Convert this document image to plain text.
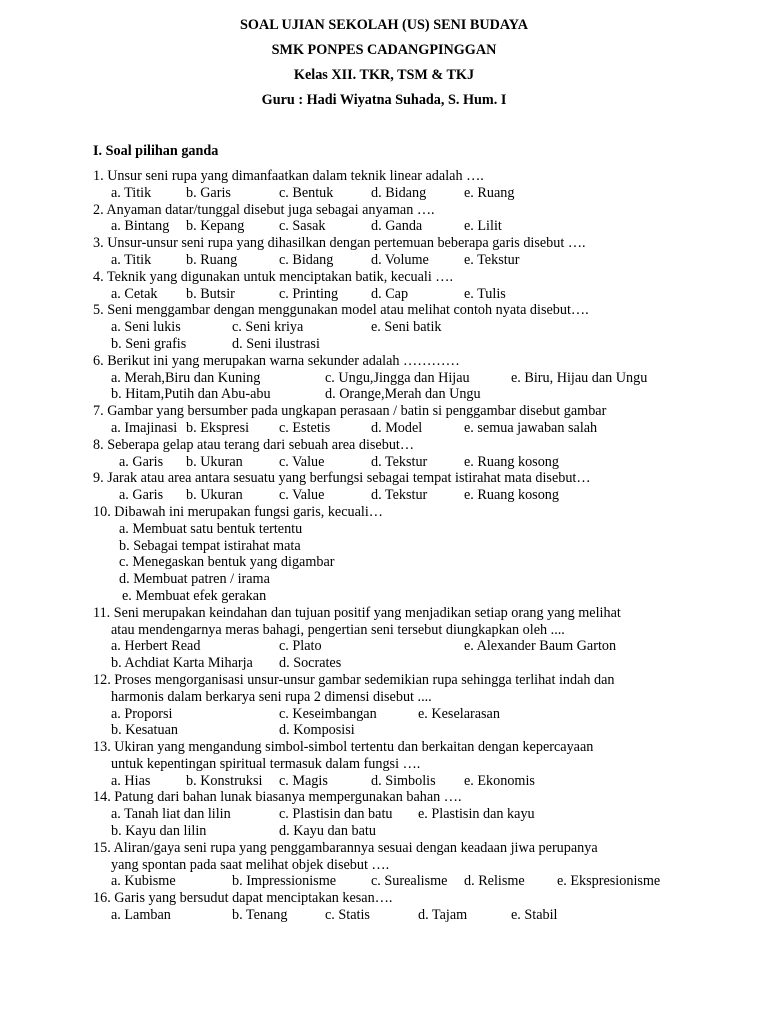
SOAL UJIAN SEKOLAH (US) SENI BUDAYA
SMK PONPES CADANGPINGGAN
Kelas XII. TKR, TSM & TKJ
Guru : Hadi Wiyatna Suhada, S. Hum. I
I. Soal pilihan ganda
1. Unsur seni rupa yang dimanfaatkan dalam teknik linear adalah ….
a. Titik b. Garis	c. Bentuk	d. Bidang	e. Ruang
2. Anyaman datar/tunggal disebut juga sebagai anyaman ….
a. Bintang b. Kepang c. Sasak	d. Ganda	e. Lilit
3. Unsur-unsur seni rupa yang dihasilkan dengan pertemuan beberapa garis disebut ….
a. Titik b. Ruang	c. Bidang	d. Volume e. Tekstur
4. Teknik yang digunakan untuk menciptakan batik, kecuali ….
a. Cetak b. Butsir	c. Printing d. Cap	e. Tulis
5. Seni menggambar dengan menggunakan model atau melihat contoh nyata disebut….
a. Seni lukis	c. Seni kriya	e. Seni batik
b. Seni grafis	d. Seni ilustrasi
6. Berikut ini yang merupakan warna sekunder adalah …………
a. Merah,Biru dan Kuning	c. Ungu,Jingga dan Hijau	e. Biru, Hijau dan Ungu
b. Hitam,Putih dan Abu-abu	d. Orange,Merah dan Ungu
7. Gambar yang bersumber pada ungkapan perasaan / batin si penggambar disebut gambar
a. Imajinasi b. Ekspresi c. Estetis	d. Model	e. semua jawaban salah
8. Seberapa gelap atau terang dari sebuah area disebut…
a. Garis b. Ukuran	c. Value	d. Tekstur	e. Ruang kosong
9. Jarak atau area antara sesuatu yang berfungsi sebagai tempat istirahat mata disebut…
a. Garis b. Ukuran	c. Value	d. Tekstur	e. Ruang kosong
10. Dibawah ini merupakan fungsi garis, kecuali…
a. Membuat satu bentuk tertentu
b. Sebagai tempat istirahat mata
c. Menegaskan bentuk yang digambar
d. Membuat patren / irama
e. Membuat efek gerakan
11. Seni merupakan keindahan dan tujuan positif yang menjadikan setiap orang yang melihat
atau mendengarnya meras bahagi, pengertian seni tersebut diungkapkan oleh ....
a. Herbert Read	c. Plato	e. Alexander Baum Garton
b. Achdiat Karta Miharja d. Socrates
12. Proses mengorganisasi unsur-unsur gambar sedemikian rupa sehingga terlihat indah dan
harmonis dalam berkarya seni rupa 2 dimensi disebut ....
a. Proporsi	c. Keseimbangan	e. Keselarasan
b. Kesatuan	d. Komposisi
13. Ukiran yang mengandung simbol-simbol tertentu dan berkaitan dengan kepercayaan
untuk kepentingan spiritual termasuk dalam fungsi ….
a. Hias	b. Konstruksi c. Magis	d. Simbolis e. Ekonomis
14. Patung dari bahan lunak biasanya mempergunakan bahan ….
a. Tanah liat dan lilin	c. Plastisin dan batu e. Plastisin dan kayu
b. Kayu dan lilin	d. Kayu dan batu
15. Aliran/gaya seni rupa yang penggambarannya sesuai dengan keadaan jiwa perupanya
yang spontan pada saat melihat objek disebut ….
a. Kubisme	b. Impressionisme c. Surealisme d. Relisme e. Ekspresionisme
16. Garis yang bersudut dapat menciptakan kesan….
a. Lamban	b. Tenang	c. Statis	d. Tajam	e. Stabil
